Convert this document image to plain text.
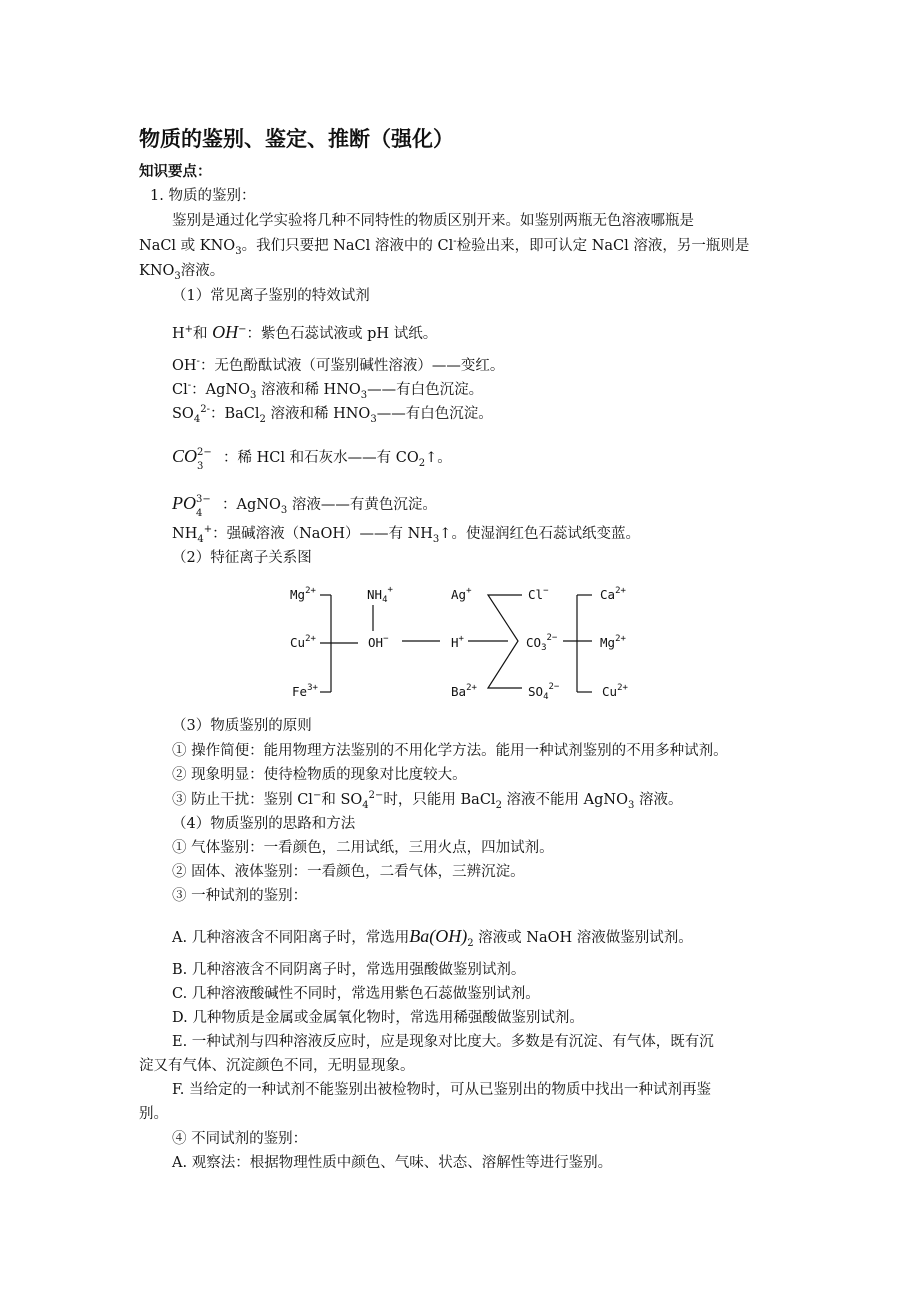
物质的鉴别、鉴定、推断（强化）
知识要点：
1. 物质的鉴别：
鉴别是通过化学实验将几种不同特性的物质区别开来。如鉴别两瓶无色溶液哪瓶是
NaCl 或 $KNO_3$。我们只要把 NaCl 溶液中的 Cl-检验出来，即可认定 NaCl 溶液，另一瓶则是
$KNO_3$溶液。
（1）常见离子鉴别的特效试剂
H+和 OH−：紫色石蕊试液或 pH 试纸。
OH-：无色酚酞试液（可鉴别碱性溶液）——变红。
Cl-：AgNO$_3$ 溶液和稀 $HNO_3——$有白色沉淀。
$SO_4^{2-}$：BaCl$_2$ 溶液和稀 $HNO_3——$有白色沉淀。
CO 2−
3
：稀 HCl 和石灰水——有 $CO_2↑$。
PO 3−
4
：AgNO$_3$ 溶液——有黄色沉淀。
$NH_4^+$：强碱溶液（NaOH）——有 $NH_3↑$。使湿润红色石蕊试纸变蓝。
（2）特征离子关系图
$Mg^{2+}$
$Cu^{2+}$
$Fe^{3+}$
$NH_4^+$
OH−
Ag+
H+
$Ba^{2+}$
Cl−
$CO_3^{2-}$
$SO_4^{2-}$
$Ca^{2+}$
$Mg^{2+}$
$Cu^{2+}$
（3）物质鉴别的原则
① 操作简便：能用物理方法鉴别的不用化学方法。能用一种试剂鉴别的不用多种试剂。
② 现象明显：使待检物质的现象对比度较大。
③ 防止干扰：鉴别 Cl−和 $SO_4^{2-}$时，只能用 BaCl$_2$ 溶液不能用 AgNO$_3$ 溶液。
（4）物质鉴别的思路和方法
① 气体鉴别：一看颜色，二用试纸，三用火点，四加试剂。
② 固体、液体鉴别：一看颜色，二看气体，三辨沉淀。
③ 一种试剂的鉴别：
A. 几种溶液含不同阳离子时，常选用$Ba(OH)_2$ 溶液或 NaOH 溶液做鉴别试剂。
B. 几种溶液含不同阴离子时，常选用强酸做鉴别试剂。
C. 几种溶液酸碱性不同时，常选用紫色石蕊做鉴别试剂。
D. 几种物质是金属或金属氧化物时，常选用稀强酸做鉴别试剂。
E. 一种试剂与四种溶液反应时，应是现象对比度大。多数是有沉淀、有气体，既有沉
淀又有气体、沉淀颜色不同，无明显现象。
F. 当给定的一种试剂不能鉴别出被检物时，可从已鉴别出的物质中找出一种试剂再鉴
别。
④ 不同试剂的鉴别：
A. 观察法：根据物理性质中颜色、气味、状态、溶解性等进行鉴别。
